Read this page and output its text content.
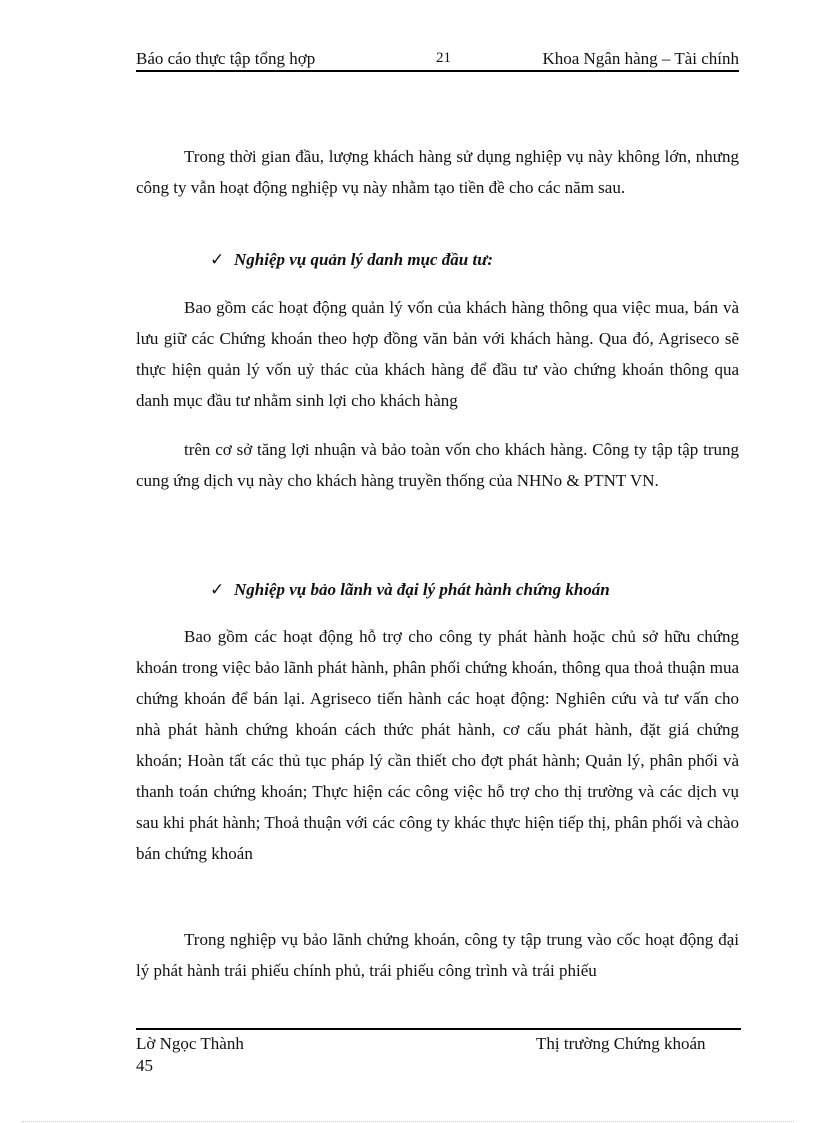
Báo cáo thực tập tổng hợp	21	Khoa Ngân hàng – Tài chính

Trong thời gian đầu, lượng khách hàng sử dụng nghiệp vụ này không lớn, nhưng công ty vẫn hoạt động nghiệp vụ này nhằm tạo tiền đề cho các năm sau.

✓ Nghiệp vụ quản lý danh mục đầu tư:

Bao gồm các hoạt động quản lý vốn của khách hàng thông qua việc mua, bán và lưu giữ các Chứng khoán theo hợp đồng văn bản với khách hàng. Qua đó, Agriseco sẽ thực hiện quản lý vốn uỷ thác của khách hàng để đầu tư vào chứng khoán thông qua danh mục đầu tư nhằm sinh lợi cho khách hàng

trên cơ sở tăng lợi nhuận và bảo toàn vốn cho khách hàng. Công ty tập tập trung cung ứng dịch vụ này cho khách hàng truyền thống của NHNo & PTNT VN.

✓ Nghiệp vụ bảo lãnh và đại lý phát hành chứng khoán

Bao gồm các hoạt động hỗ trợ cho công ty phát hành hoặc chủ sở hữu chứng khoán trong việc bảo lãnh phát hành, phân phối chứng khoán, thông qua thoả thuận mua chứng khoán để bán lại. Agriseco tiến hành các hoạt động: Nghiên cứu và tư vấn cho nhà phát hành chứng khoán cách thức phát hành, cơ cấu phát hành, đặt giá chứng khoán; Hoàn tất các thủ tục pháp lý cần thiết cho đợt phát hành; Quản lý, phân phối và thanh toán chứng khoán; Thực hiện các công việc hỗ trợ cho thị trường và các dịch vụ sau khi phát hành; Thoả thuận với các công ty khác thực hiện tiếp thị, phân phối và chào bán chứng khoán

Trong nghiệp vụ bảo lãnh chứng khoán, công ty tập trung vào cốc hoạt động đại lý phát hành trái phiếu chính phủ, trái phiếu công trình và trái phiếu

Lờ Ngọc Thành	Thị trường Chứng khoán
45
